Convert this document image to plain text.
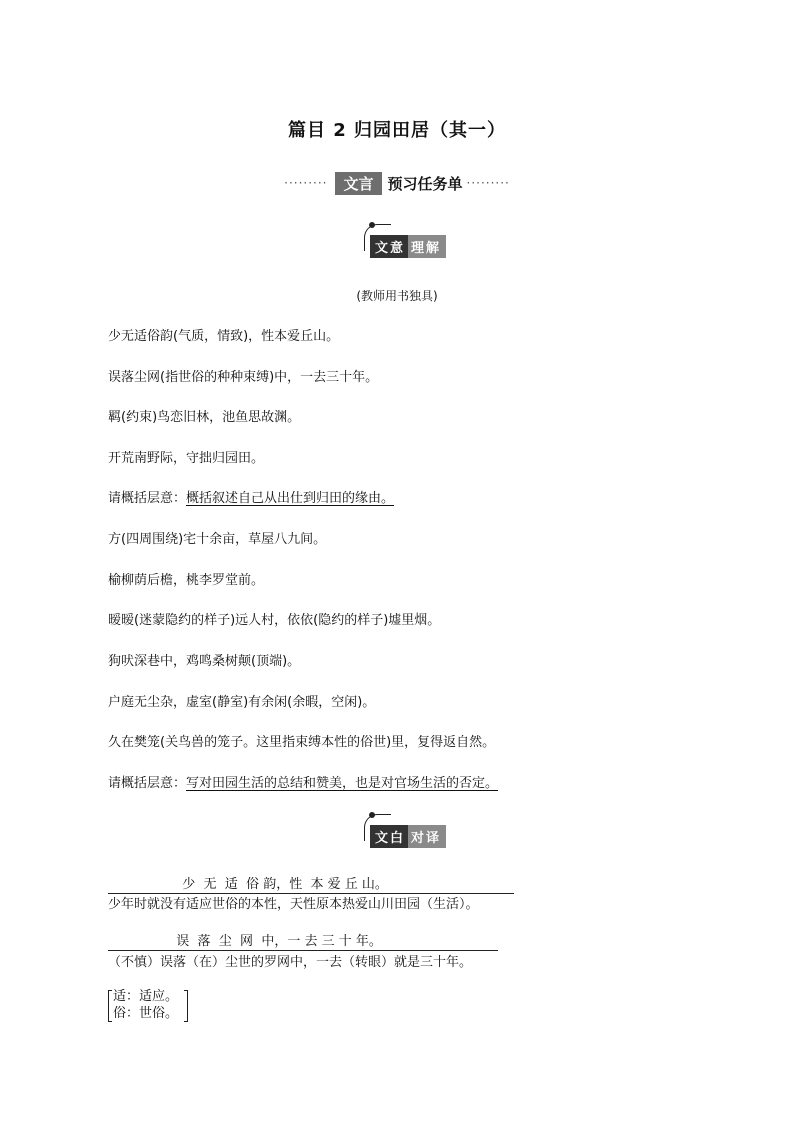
篇目 2 归园田居（其一）
·········	文言 预习任务单 ·········
文意 理解
(教师用书独具)
少无适俗韵(气质，情致)，性本爱丘山。
误落尘网(指世俗的种种束缚)中，一去三十年。
羁(约束)鸟恋旧林，池鱼思故渊。
开荒南野际，守拙归园田。
请概括层意：概括叙述自己从出仕到归田的缘由。
方(四周围绕)宅十余亩，草屋八九间。
榆柳荫后檐，桃李罗堂前。
暧暧(迷蒙隐约的样子)远人村，依依(隐约的样子)墟里烟。
狗吠深巷中，鸡鸣桑树颠(顶端)。
户庭无尘杂，虚室(静室)有余闲(余暇，空闲)。
久在樊笼(关鸟兽的笼子。这里指束缚本性的俗世)里，复得返自然。
请概括层意：写对田园生活的总结和赞美，也是对官场生活的否定。
文白 对译
少  无  适  俗 韵，性  本 爱 丘 山。
少年时就没有适应世俗的本性，天性原本热爱山川田园（生活）。
误  落  尘  网  中，一 去 三 十 年。
（不慎）误落（在）尘世的罗网中，一去（转眼）就是三十年。
适：适应。
俗：世俗。
